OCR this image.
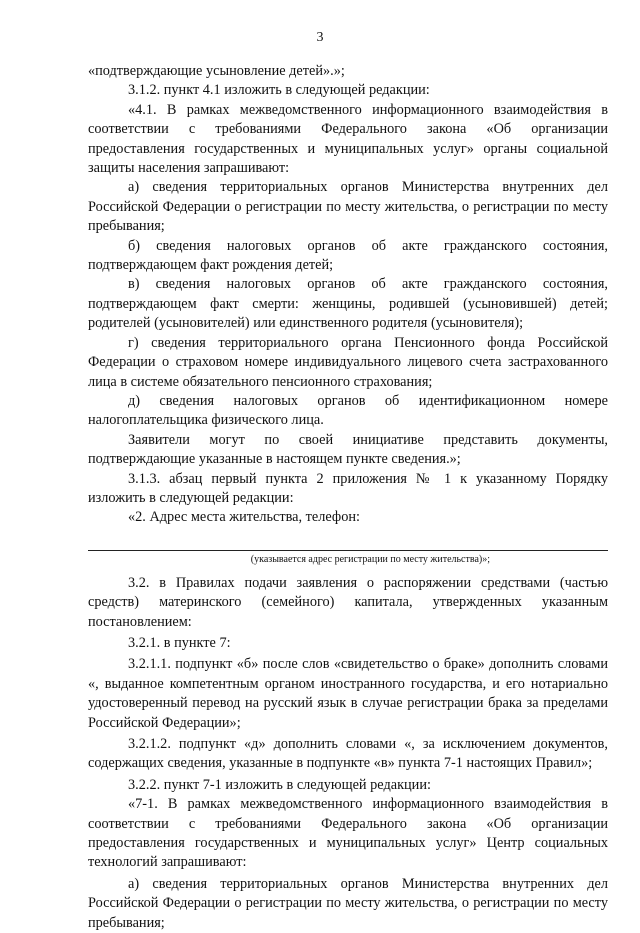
3

«подтверждающие усыновление детей».»;

3.1.2. пункт 4.1 изложить в следующей редакции:

«4.1. В рамках межведомственного информационного взаимодействия в соответствии с требованиями Федерального закона «Об организации предоставления государственных и муниципальных услуг» органы социальной защиты населения запрашивают:

а) сведения территориальных органов Министерства внутренних дел Российской Федерации о регистрации по месту жительства, о регистрации по месту пребывания;

б) сведения налоговых органов об акте гражданского состояния, подтверждающем факт рождения детей;

в) сведения налоговых органов об акте гражданского состояния, подтверждающем факт смерти: женщины, родившей (усыновившей) детей; родителей (усыновителей) или единственного родителя (усыновителя);

г) сведения территориального органа Пенсионного фонда Российской Федерации о страховом номере индивидуального лицевого счета застрахованного лица в системе обязательного пенсионного страхования;

д) сведения налоговых органов об идентификационном номере налогоплательщика физического лица.

Заявители могут по своей инициативе представить документы, подтверждающие указанные в настоящем пункте сведения.»;

3.1.3. абзац первый пункта 2 приложения № 1 к указанному Порядку изложить в следующей редакции:

«2. Адрес места жительства, телефон:

(указывается адрес регистрации по месту жительства)»;

3.2. в Правилах подачи заявления о распоряжении средствами (частью средств) материнского (семейного) капитала, утвержденных указанным постановлением:

3.2.1. в пункте 7:

3.2.1.1. подпункт «б» после слов «свидетельство о браке» дополнить словами «, выданное компетентным органом иностранного государства, и его нотариально удостоверенный перевод на русский язык в случае регистрации брака за пределами Российской Федерации»;

3.2.1.2. подпункт «д» дополнить словами «, за исключением документов, содержащих сведения, указанные в подпункте «в» пункта 7-1 настоящих Правил»;

3.2.2. пункт 7-1 изложить в следующей редакции:

«7-1. В рамках межведомственного информационного взаимодействия в соответствии с требованиями Федерального закона «Об организации предоставления государственных и муниципальных услуг» Центр социальных технологий запрашивают:

а) сведения территориальных органов Министерства внутренних дел Российской Федерации о регистрации по месту жительства, о регистрации по месту пребывания;
